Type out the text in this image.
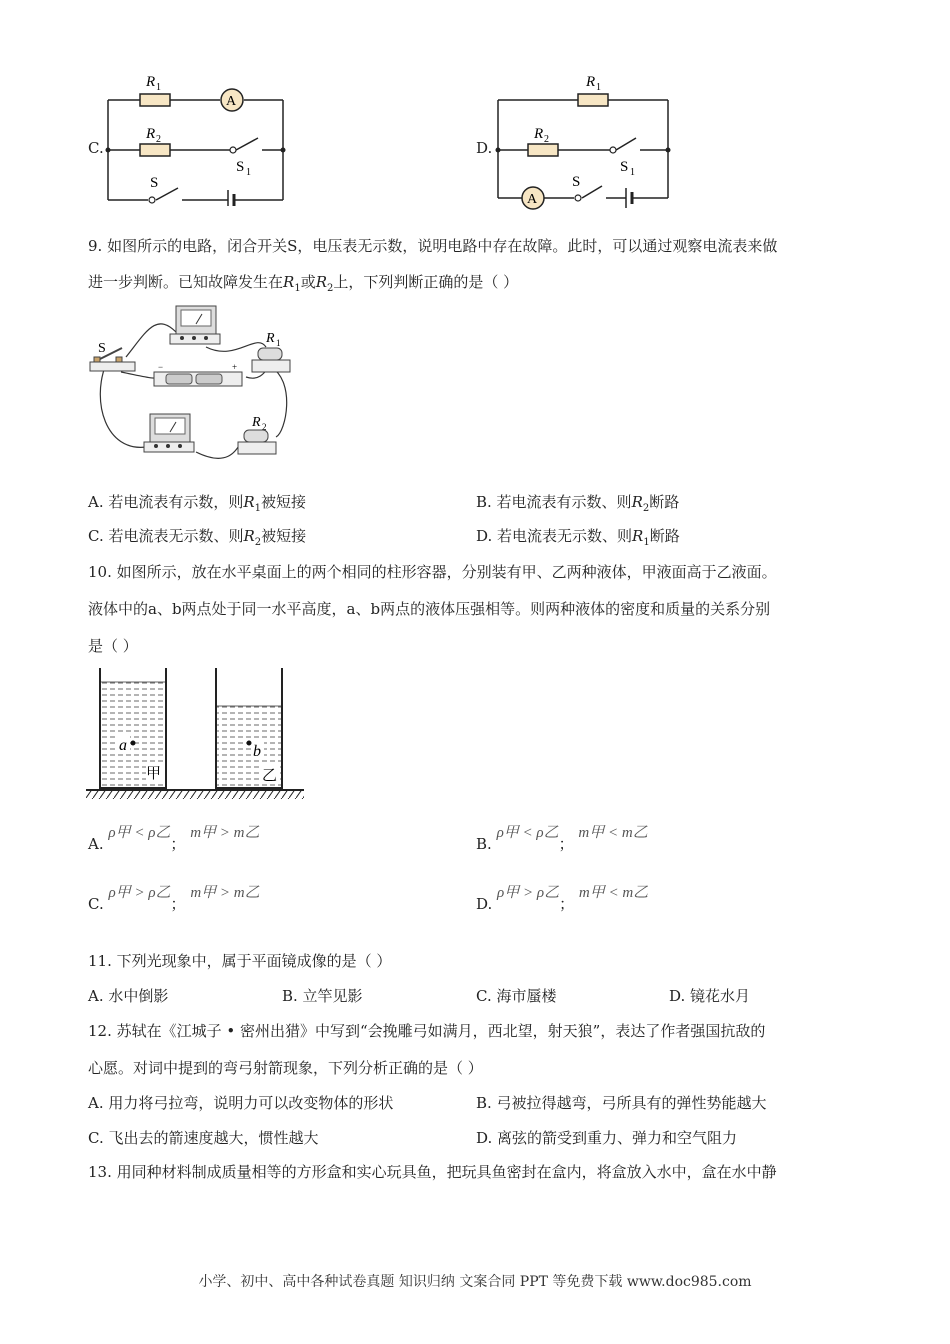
C.
A
R 1
R 2
S 1
S
D.
A
R 1
R 2
S 1
S
9. 如图所示的电路，闭合开关S，电压表无示数，说明电路中存在故障。此时，可以通过观察电流表来做
进一步判断。已知故障发生在$R_1$或$R_2$上，下列判断正确的是（ ）
S
R 1
−	+
R 2
A. 若电流表有示数，则$R_1$被短接	B. 若电流表有示数、则$R_2$断路
C. 若电流表无示数、则$R_2$被短接	D. 若电流表无示数、则$R_1$断路
10. 如图所示，放在水平桌面上的两个相同的柱形容器，分别装有甲、乙两种液体，甲液面高于乙液面。
液体中的a、b两点处于同一水平高度，a、b两点的液体压强相等。则两种液体的密度和质量的关系分别
是（ ）
a	b
甲	乙
A. ρ甲 < ρ乙； m甲 > m乙
B. ρ甲 < ρ乙； m甲 < m乙
C. ρ甲 > ρ乙； m甲 > m乙
D. ρ甲 > ρ乙； m甲 < m乙
11. 下列光现象中，属于平面镜成像的是（ ）
A. 水中倒影	B. 立竿见影	C. 海市蜃楼	D. 镜花水月
12. 苏轼在《江城子 • 密州出猎》中写到“会挽雕弓如满月，西北望，射天狼”，表达了作者强国抗敌的
心愿。对词中提到的弯弓射箭现象，下列分析正确的是（ ）
A. 用力将弓拉弯，说明力可以改变物体的形状	B. 弓被拉得越弯，弓所具有的弹性势能越大
C. 飞出去的箭速度越大，惯性越大	D. 离弦的箭受到重力、弹力和空气阻力
13. 用同种材料制成质量相等的方形盒和实心玩具鱼，把玩具鱼密封在盒内，将盒放入水中，盒在水中静
小学、初中、高中各种试卷真题 知识归纳 文案合同 PPT 等免费下载 www.doc985.com
